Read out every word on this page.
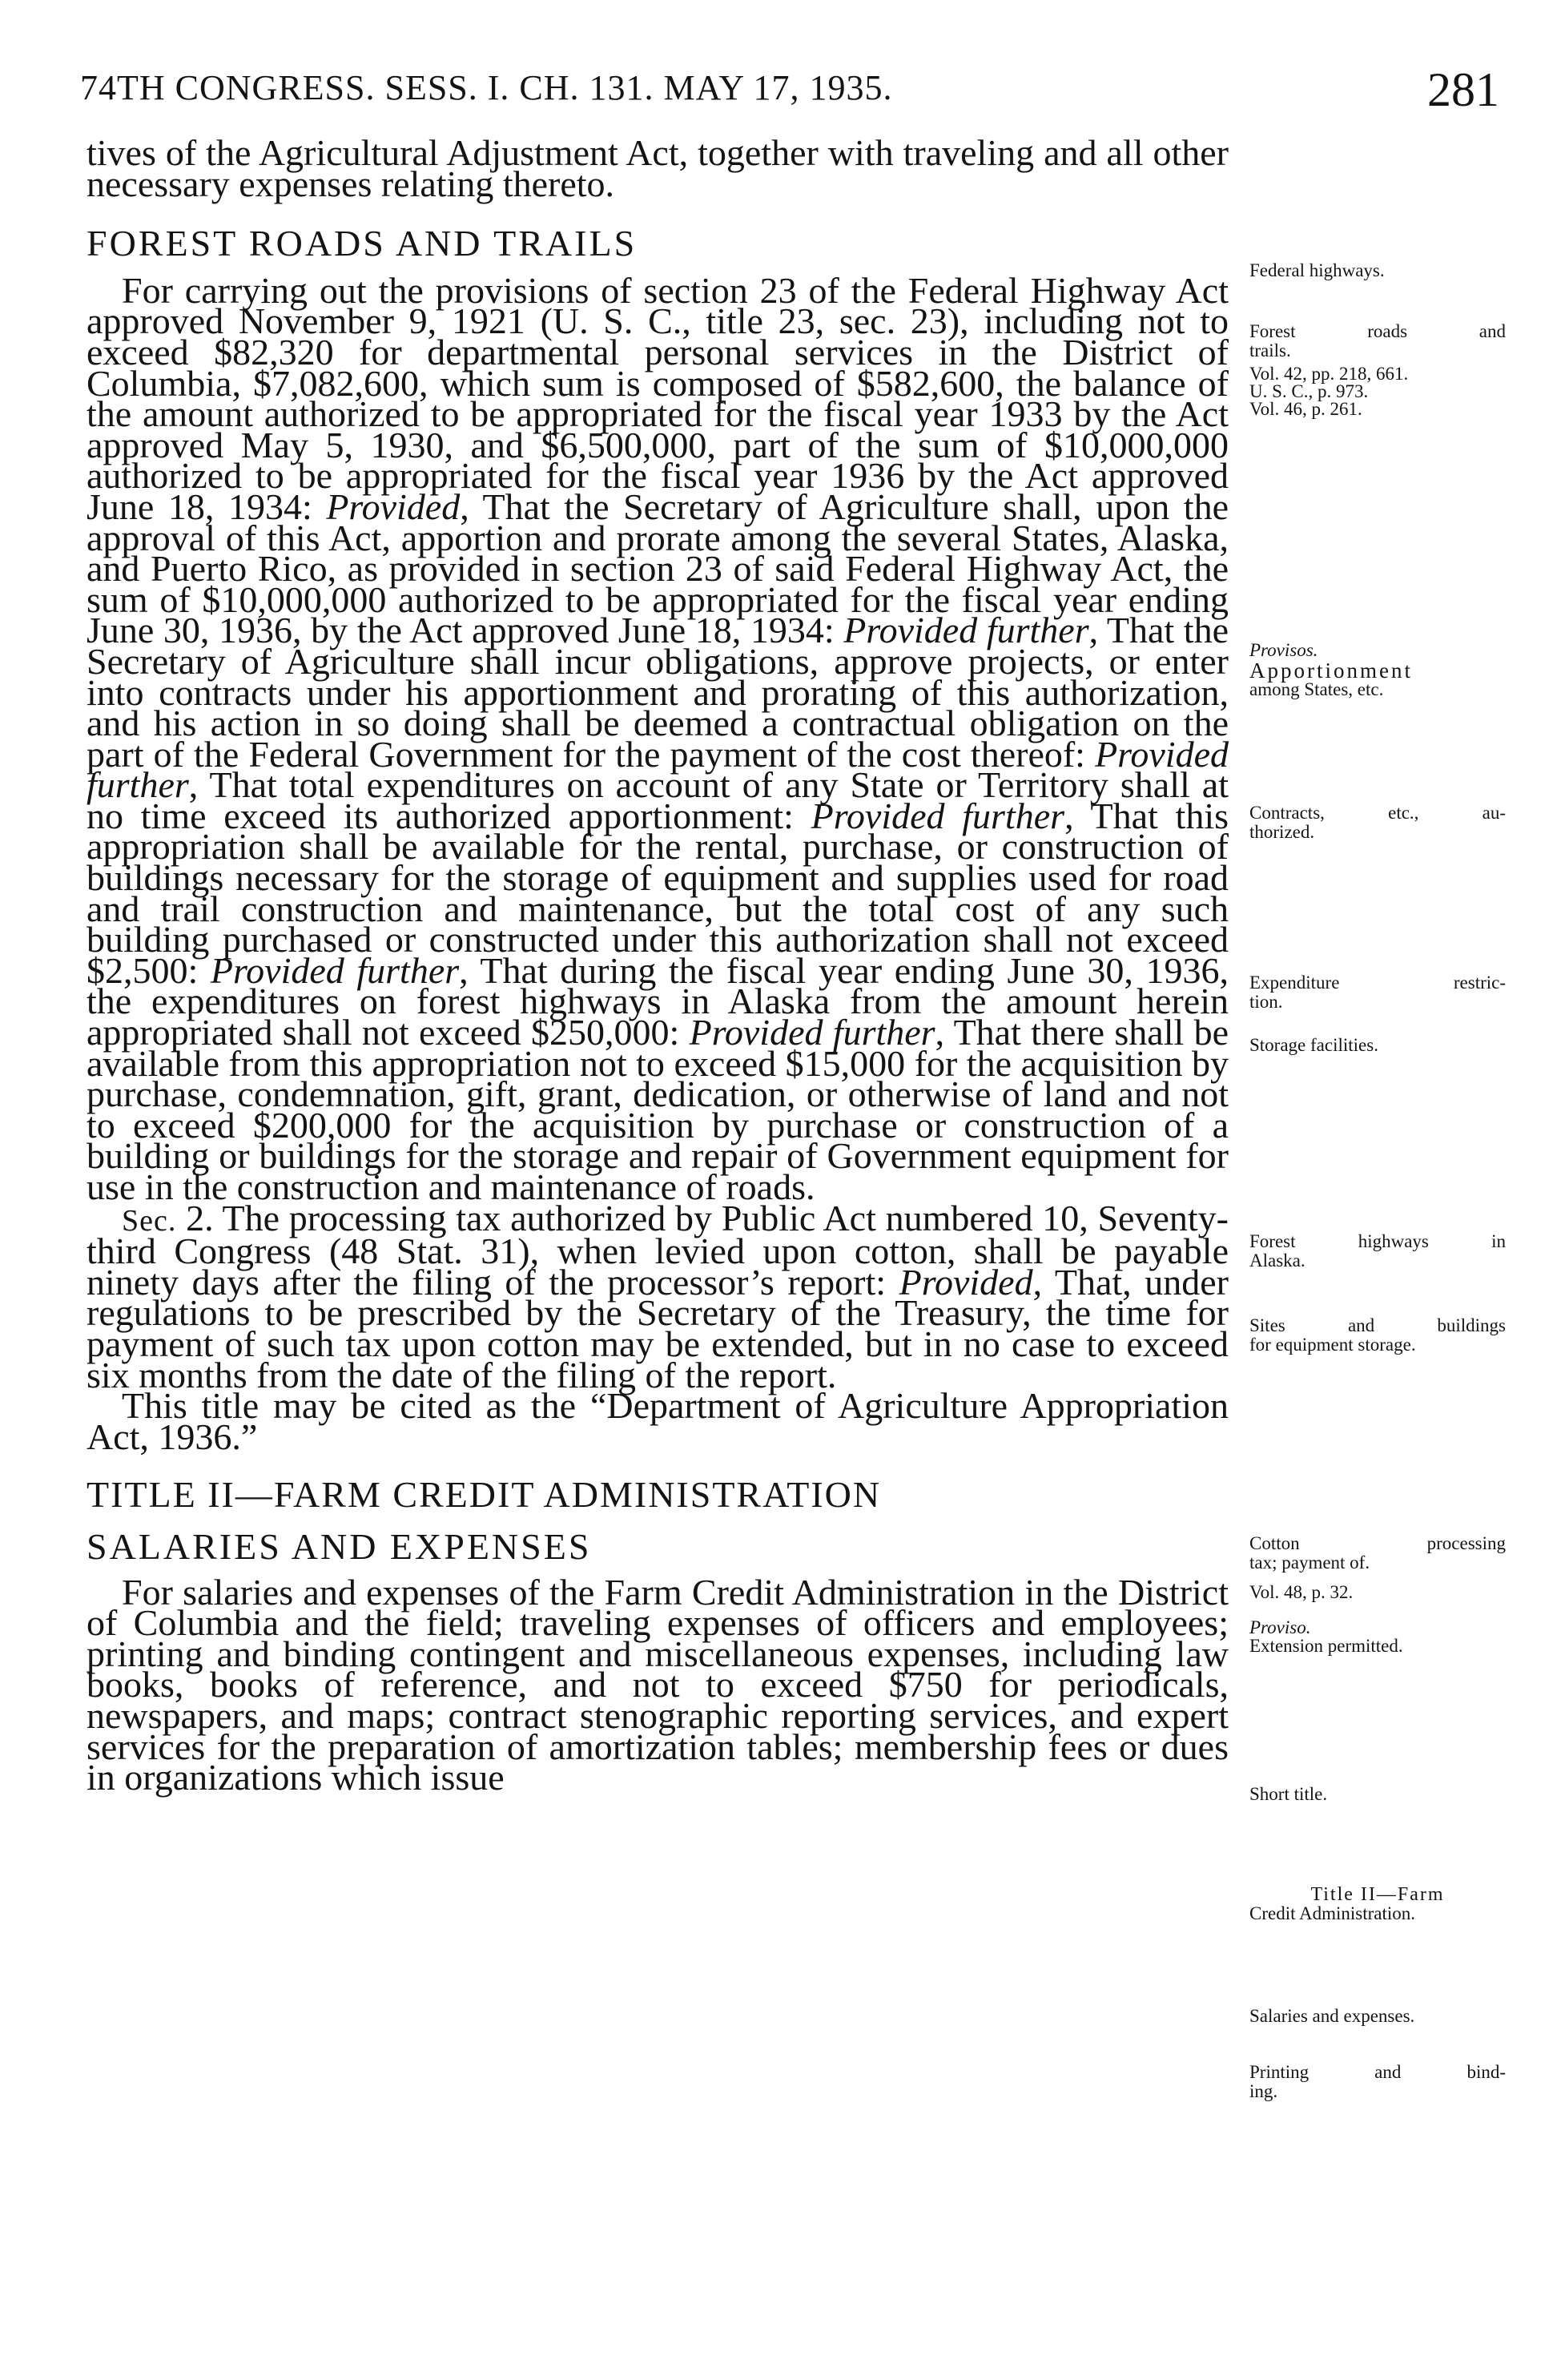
74TH CONGRESS. SESS. I. CH. 131. MAY 17, 1935.	281

tives of the Agricultural Adjustment Act, together with traveling and all other necessary expenses relating thereto.

FOREST ROADS AND TRAILS

For carrying out the provisions of section 23 of the Federal Highway Act approved November 9, 1921 (U. S. C., title 23, sec. 23), including not to exceed $82,320 for departmental personal services in the District of Columbia, $7,082,600, which sum is composed of $582,600, the balance of the amount authorized to be appropriated for the fiscal year 1933 by the Act approved May 5, 1930, and $6,500,000, part of the sum of $10,000,000 authorized to be appropriated for the fiscal year 1936 by the Act approved June 18, 1934: Provided, That the Secretary of Agriculture shall, upon the approval of this Act, apportion and prorate among the several States, Alaska, and Puerto Rico, as provided in section 23 of said Federal Highway Act, the sum of $10,000,000 authorized to be appropriated for the fiscal year ending June 30, 1936, by the Act approved June 18, 1934: Provided further, That the Secretary of Agriculture shall incur obligations, approve projects, or enter into contracts under his apportionment and prorating of this authorization, and his action in so doing shall be deemed a contractual obligation on the part of the Federal Government for the payment of the cost thereof: Provided further, That total expenditures on account of any State or Territory shall at no time exceed its authorized apportionment: Provided further, That this appropriation shall be available for the rental, purchase, or construction of buildings necessary for the storage of equipment and supplies used for road and trail construction and maintenance, but the total cost of any such building purchased or constructed under this authorization shall not exceed $2,500: Provided further, That during the fiscal year ending June 30, 1936, the expenditures on forest highways in Alaska from the amount herein appropriated shall not exceed $250,000: Provided further, That there shall be available from this appropriation not to exceed $15,000 for the acquisition by purchase, condemnation, gift, grant, dedication, or otherwise of land and not to exceed $200,000 for the acquisition by purchase or construction of a building or buildings for the storage and repair of Government equipment for use in the construction and maintenance of roads.

Sec. 2. The processing tax authorized by Public Act numbered 10, Seventy-third Congress (48 Stat. 31), when levied upon cotton, shall be payable ninety days after the filing of the processor’s report: Provided, That, under regulations to be prescribed by the Secretary of the Treasury, the time for payment of such tax upon cotton may be extended, but in no case to exceed six months from the date of the filing of the report.

This title may be cited as the “Department of Agriculture Appropriation Act, 1936.”

TITLE II—FARM CREDIT ADMINISTRATION

SALARIES AND EXPENSES

For salaries and expenses of the Farm Credit Administration in the District of Columbia and the field; traveling expenses of officers and employees; printing and binding contingent and miscellaneous expenses, including law books, books of reference, and not to exceed $750 for periodicals, newspapers, and maps; contract stenographic reporting services, and expert services for the preparation of amortization tables; membership fees or dues in organizations which issue

Federal highways.
Forest roads and
trails.
Vol. 42, pp. 218, 661.
U. S. C., p. 973.
Vol. 46, p. 261.
Provisos.
Apportionment
among States, etc.
Contracts, etc., au-
thorized.
Expenditure restric-
tion.
Storage facilities.
Forest highways in
Alaska.
Sites and buildings
for equipment storage.
Cotton processing
tax; payment of.
Vol. 48, p. 32.
Proviso.
Extension permitted.
Short title.
Title II—Farm
Credit Administration.
Salaries and expenses.
Printing and bind-
ing.
